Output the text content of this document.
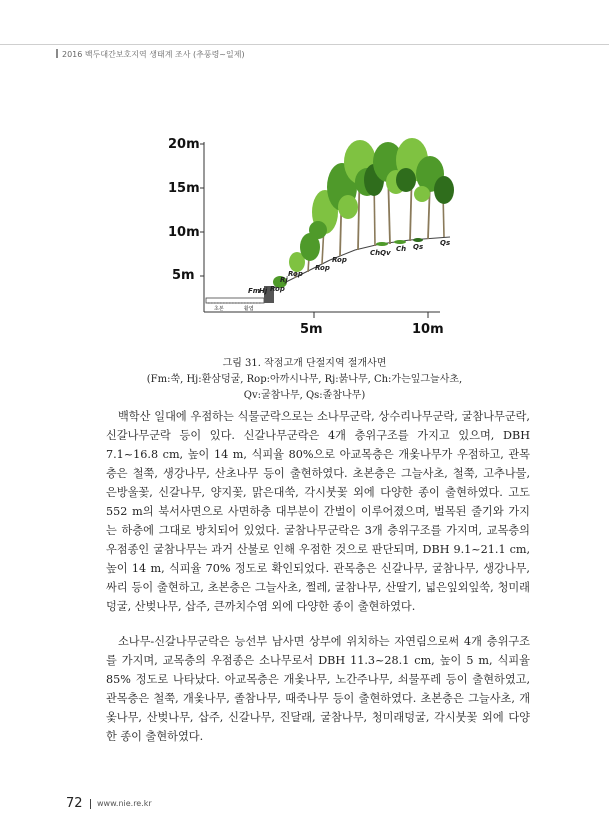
2016 백두대간보호지역 생태계 조사 (추풍령~일제)
20m
15m
10m
5m
Fm
Hj Rop
Rj
Rop
Rop
Rop
ChQv Ch Qs Qs
초본	활엽
5m	10m
그림 31. 작점고개 단절지역 절개사면
(Fm:쑥, Hj:환삼덩굴, Rop:아까시나무, Rj:붉나무, Ch:가는잎그늘사초,
Qv:굴참나무, Qs:졸참나무)

백학산 일대에 우점하는 식물군락으로는 소나무군락, 상수리나무군락, 굴참나무군락, 신갈나무군락 등이 있다. 신갈나무군락은 4개 층위구조를 가지고 있으며, DBH 7.1~16.8 cm, 높이 14 m, 식피율 80%으로 아교목층은 개옻나무가 우점하고, 관목층은 철쭉, 생강나무, 산초나무 등이 출현하였다. 초본층은 그늘사초, 철쭉, 고추나물, 은방울꽃, 신갈나무, 양지꽃, 맑은대쑥, 각시붓꽃 외에 다양한 종이 출현하였다. 고도 552 m의 북서사면으로 사면하층 대부분이 간벌이 이루어졌으며, 벌목된 줄기와 가지는 하층에 그대로 방치되어 있었다. 굴참나무군락은 3개 층위구조를 가지며, 교목층의 우점종인 굴참나무는 과거 산불로 인해 우점한 것으로 판단되며, DBH 9.1~21.1 cm, 높이 14 m, 식피율 70% 정도로 확인되었다. 관목층은 신갈나무, 굴참나무, 생강나무, 싸리 등이 출현하고, 초본층은 그늘사초, 쩔레, 굴참나무, 산딸기, 넓은잎외잎쑥, 청미래덩굴, 산벚나무, 삽주, 큰까치수염 외에 다양한 종이 출현하였다.

소나무-신갈나무군락은 능선부 남사면 상부에 위치하는 자연림으로써 4개 층위구조를 가지며, 교목층의 우점종은 소나무로서 DBH 11.3~28.1 cm, 높이 5 m, 식피율 85% 정도로 나타났다. 아교목층은 개옻나무, 노간주나무, 쇠물푸레 등이 출현하였고, 관목층은 철쭉, 개옻나무, 졸참나무, 때죽나무 등이 출현하였다. 초본층은 그늘사초, 개옻나무, 산벚나무, 삽주, 신갈나무, 진달래, 굴참나무, 청미래덩굴, 각시붓꽃 외에 다양한 종이 출현하였다.

72 www.nie.re.kr
